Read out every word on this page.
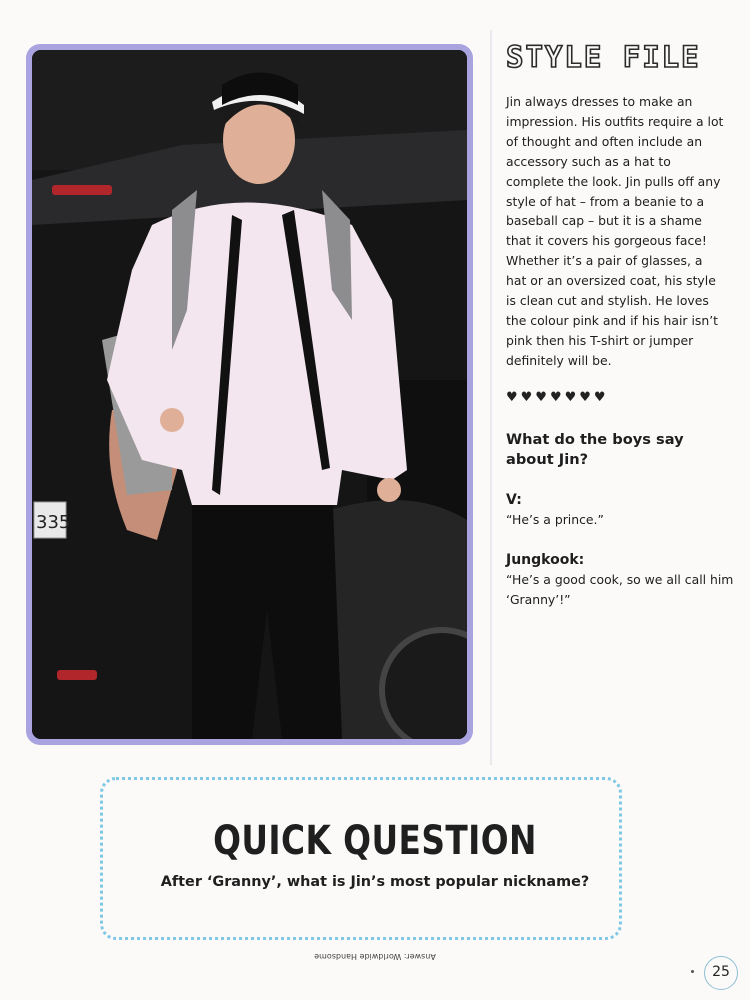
335
STYLE FILE

Jin always dresses to make an impression. His outfits require a lot of thought and often include an accessory such as a hat to complete the look. Jin pulls off any style of hat – from a beanie to a baseball cap – but it is a shame that it covers his gorgeous face! Whether it’s a pair of glasses, a hat or an oversized coat, his style is clean cut and stylish. He loves the colour pink and if his hair isn’t pink then his T-shirt or jumper definitely will be.

♥♥♥♥♥♥♥

What do the boys say about Jin?

V:

“He’s a prince.”

Jungkook:

“He’s a good cook, so we all call him ‘Granny’!”

QUICK QUESTION

After ‘Granny’, what is Jin’s most popular nickname?

Answer: Worldwide Handsome

25
